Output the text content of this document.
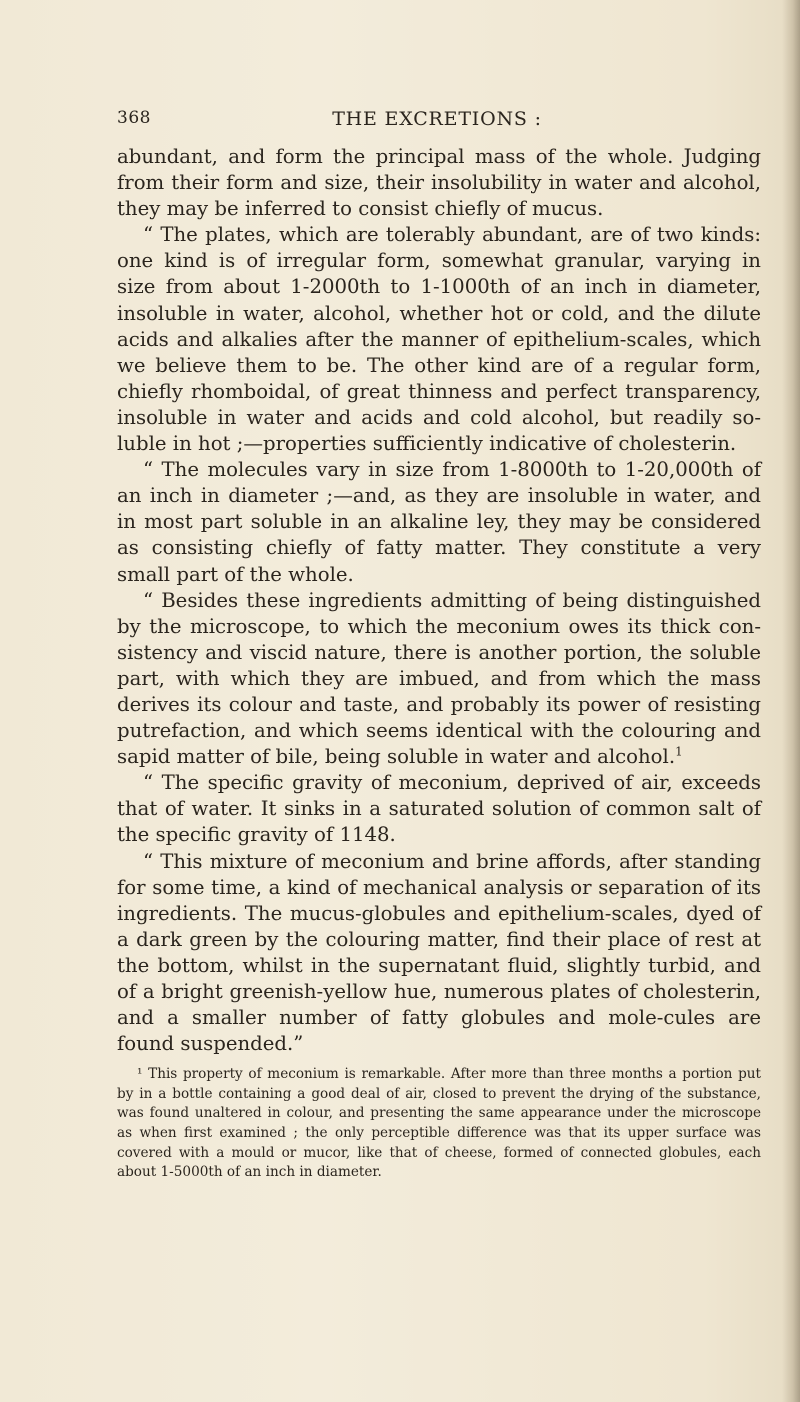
368	THE EXCRETIONS :

abundant, and form the principal mass of the whole. Judging from their form and size, their insolubility in water and alcohol, they may be inferred to consist chiefly of mucus.

“ The plates, which are tolerably abundant, are of two kinds: one kind is of irregular form, somewhat granular, varying in size from about 1-2000th to 1-1000th of an inch in diameter, insoluble in water, alcohol, whether hot or cold, and the dilute acids and alkalies after the manner of epithelium-scales, which we believe them to be. The other kind are of a regular form, chiefly rhomboidal, of great thinness and perfect transparency, insoluble in water and acids and cold alcohol, but readily so-luble in hot ;—properties sufficiently indicative of cholesterin.

“ The molecules vary in size from 1-8000th to 1-20,000th of an inch in diameter ;—and, as they are insoluble in water, and in most part soluble in an alkaline ley, they may be considered as consisting chiefly of fatty matter. They constitute a very small part of the whole.

“ Besides these ingredients admitting of being distinguished by the microscope, to which the meconium owes its thick con-sistency and viscid nature, there is another portion, the soluble part, with which they are imbued, and from which the mass derives its colour and taste, and probably its power of resisting putrefaction, and which seems identical with the colouring and sapid matter of bile, being soluble in water and alcohol.$^1$

“ The specific gravity of meconium, deprived of air, exceeds that of water. It sinks in a saturated solution of common salt of the specific gravity of 1148.

“ This mixture of meconium and brine affords, after standing for some time, a kind of mechanical analysis or separation of its ingredients. The mucus-globules and epithelium-scales, dyed of a dark green by the colouring matter, find their place of rest at the bottom, whilst in the supernatant fluid, slightly turbid, and of a bright greenish-yellow hue, numerous plates of cholesterin, and a smaller number of fatty globules and mole-cules are found suspended.”

¹ This property of meconium is remarkable. After more than three months a portion put by in a bottle containing a good deal of air, closed to prevent the drying of the substance, was found unaltered in colour, and presenting the same appearance under the microscope as when first examined ; the only perceptible difference was that its upper surface was covered with a mould or mucor, like that of cheese, formed of connected globules, each about 1-5000th of an inch in diameter.
